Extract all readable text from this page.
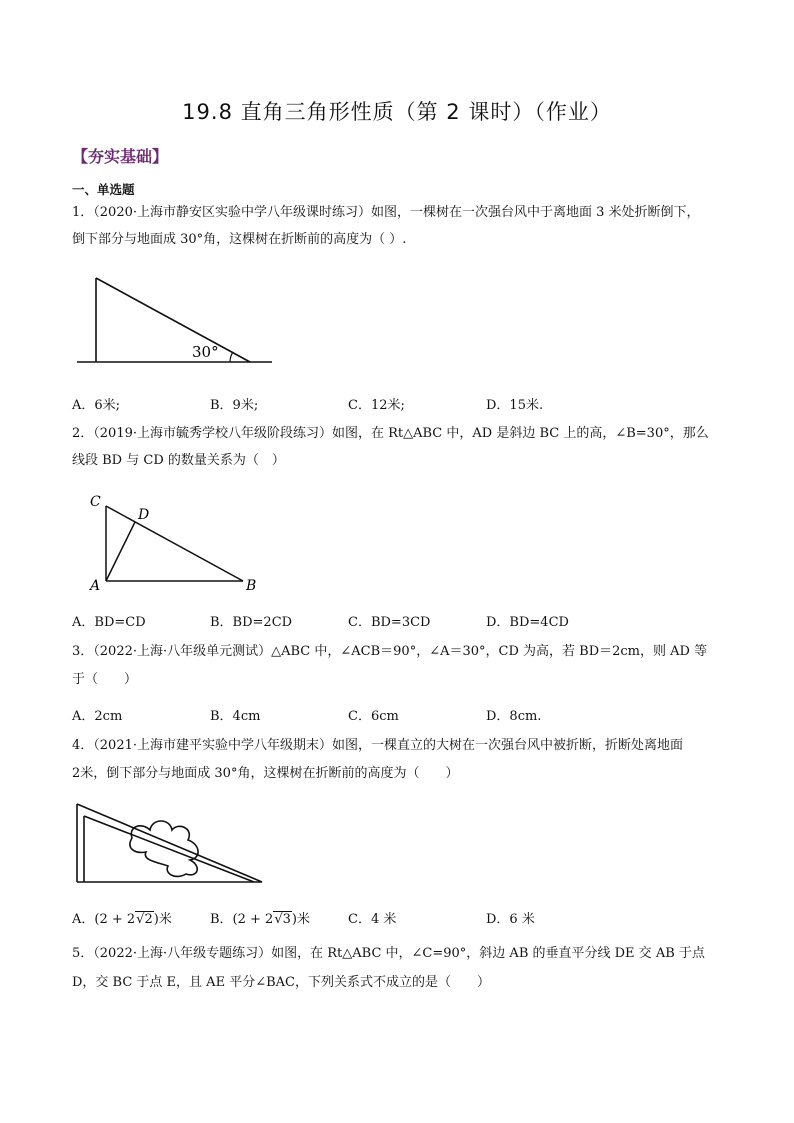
19.8 直角三角形性质（第 2 课时）（作业）
【夯实基础】
一、单选题
1．（2020·上海市静安区实验中学八年级课时练习）如图，一棵树在一次强台风中于离地面 3 米处折断倒下，
倒下部分与地面成 30°角，这棵树在折断前的高度为（ ）.
30°
A．6米;	B．9米;	C．12米;	D．15米.
2．（2019·上海市毓秀学校八年级阶段练习）如图，在 Rt△ABC 中，AD 是斜边 BC 上的高，∠B=30°，那么
线段 BD 与 CD 的数量关系为（　）
C
D
A	B
A．BD=CD	B．BD=2CD	C．BD=3CD	D．BD=4CD
3．（2022·上海·八年级单元测试）△ABC 中，∠ACB＝90°，∠A＝30°，CD 为高，若 BD＝2cm，则 AD 等
于（　　）
A．2cm	B．4cm	C．6cm	D．8cm.
4．（2021·上海市建平实验中学八年级期末）如图，一棵直立的大树在一次强台风中被折断，折断处离地面
2米，倒下部分与地面成 30°角，这棵树在折断前的高度为（　　）
A．(2 + 2√2)米	B．(2 + 2√3)米	C．4 米	D．6 米
5．（2022·上海·八年级专题练习）如图，在 Rt△ABC 中，∠C=90°，斜边 AB 的垂直平分线 DE 交 AB 于点
D，交 BC 于点 E，且 AE 平分∠BAC，下列关系式不成立的是（　　）
